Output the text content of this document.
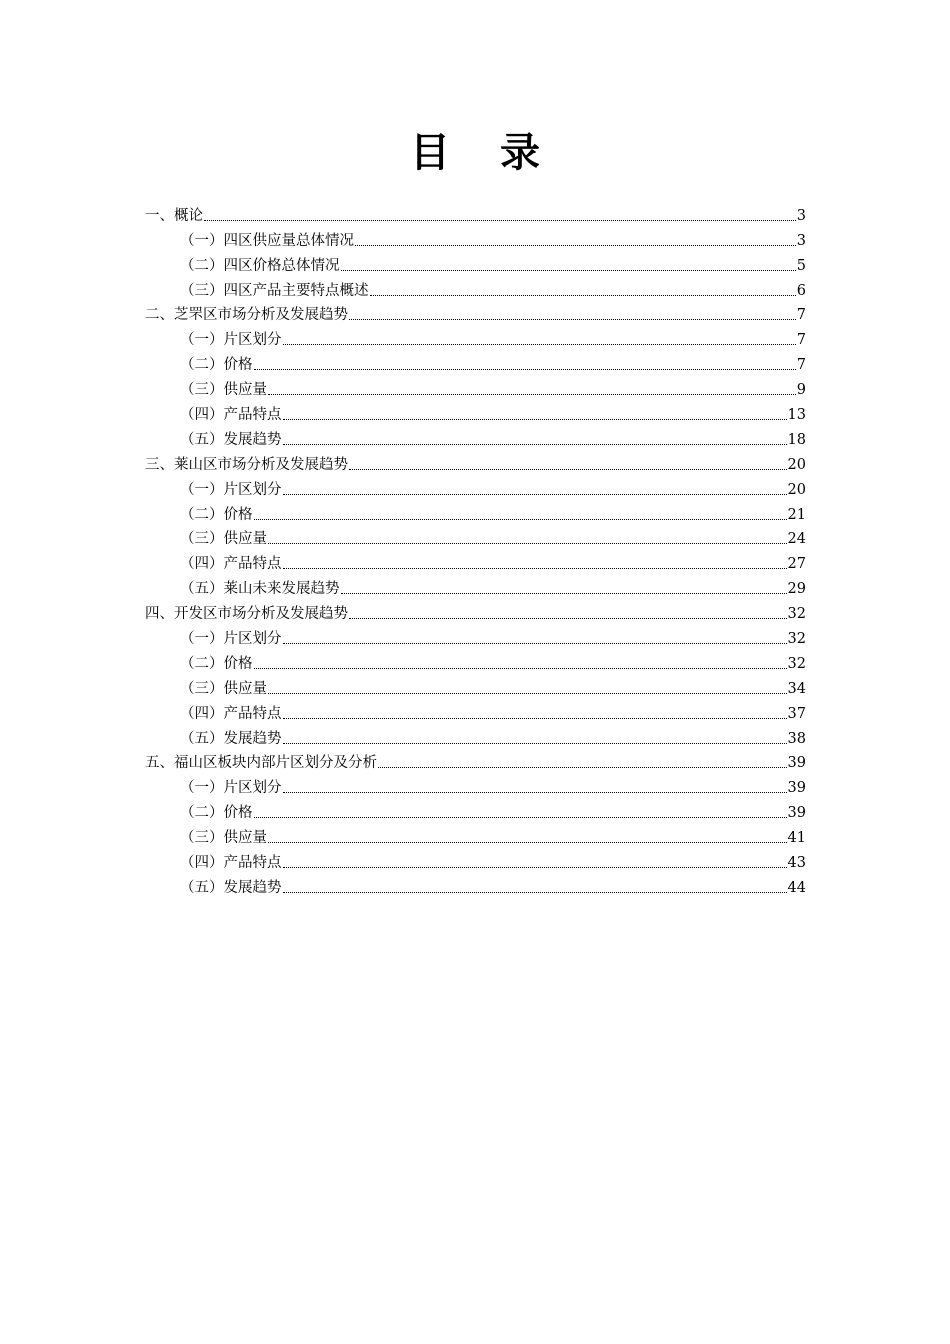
目 录
一、概论	3
（一）四区供应量总体情况	3
（二）四区价格总体情况	5
（三）四区产品主要特点概述	6
二、芝罘区市场分析及发展趋势	7
（一）片区划分	7
（二）价格	7
（三）供应量	9
（四）产品特点	13
（五）发展趋势	18
三、莱山区市场分析及发展趋势	20
（一）片区划分	20
（二）价格	21
（三）供应量	24
（四）产品特点	27
（五）莱山未来发展趋势	29
四、开发区市场分析及发展趋势	32
（一）片区划分	32
（二）价格	32
（三）供应量	34
（四）产品特点	37
（五）发展趋势	38
五、福山区板块内部片区划分及分析	39
（一）片区划分	39
（二）价格	39
（三）供应量	41
（四）产品特点	43
（五）发展趋势	44
